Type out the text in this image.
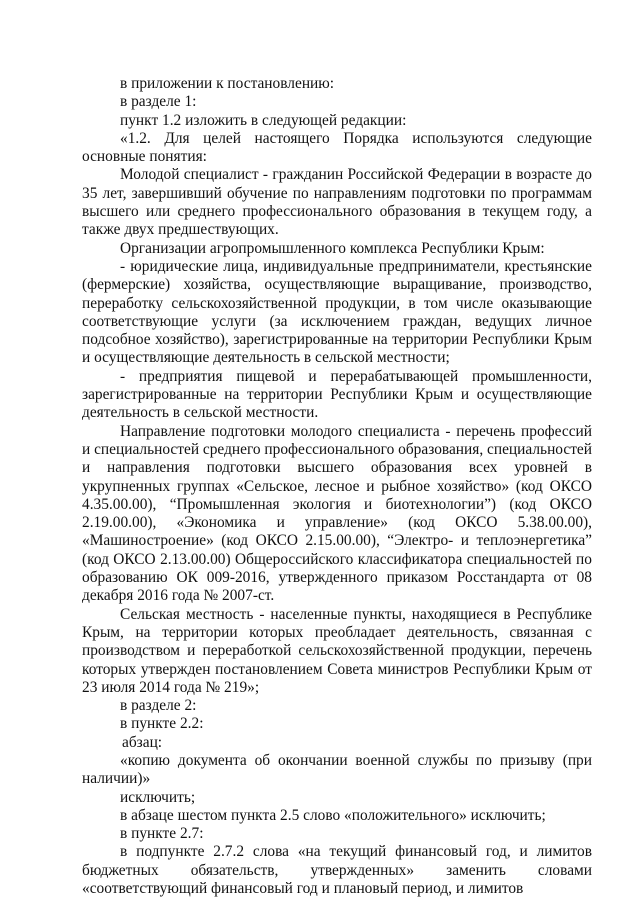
в приложении к постановлению:

в разделе 1:

пункт 1.2 изложить в следующей редакции:

«1.2. Для целей настоящего Порядка используются следующие основные понятия:

Молодой специалист - гражданин Российской Федерации в возрасте до 35 лет, завершивший обучение по направлениям подготовки по программам высшего или среднего профессионального образования в текущем году, а также двух предшествующих.

Организации агропромышленного комплекса Республики Крым:

- юридические лица, индивидуальные предприниматели, крестьянские (фермерские) хозяйства, осуществляющие выращивание, производство, переработку сельскохозяйственной продукции, в том числе оказывающие соответствующие услуги (за исключением граждан, ведущих личное подсобное хозяйство), зарегистрированные на территории Республики Крым и осуществляющие деятельность в сельской местности;

- предприятия пищевой и перерабатывающей промышленности, зарегистрированные на территории Республики Крым и осуществляющие деятельность в сельской местности.

Направление подготовки молодого специалиста - перечень профессий и специальностей среднего профессионального образования, специальностей и направления подготовки высшего образования всех уровней в укрупненных группах «Сельское, лесное и рыбное хозяйство» (код ОКСО 4.35.00.00), “Промышленная экология и биотехнологии”) (код ОКСО 2.19.00.00), «Экономика и управление» (код ОКСО 5.38.00.00), «Машиностроение» (код ОКСО 2.15.00.00), “Электро- и теплоэнергетика” (код ОКСО 2.13.00.00) Общероссийского классификатора специальностей по образованию ОК 009-2016, утвержденного приказом Росстандарта от 08 декабря 2016 года № 2007-ст.

Сельская местность - населенные пункты, находящиеся в Республике Крым, на территории которых преобладает деятельность, связанная с производством и переработкой сельскохозяйственной продукции, перечень которых утвержден постановлением Совета министров Республики Крым от 23 июля 2014 года № 219»;

в разделе 2:

в пункте 2.2:

абзац:

«копию документа об окончании военной службы по призыву (при наличии)»

исключить;

в абзаце шестом пункта 2.5 слово «положительного» исключить;

в пункте 2.7:

в подпункте 2.7.2 слова «на текущий финансовый год, и лимитов бюджетных обязательств, утвержденных» заменить словами «соответствующий финансовый год и плановый период, и лимитов
